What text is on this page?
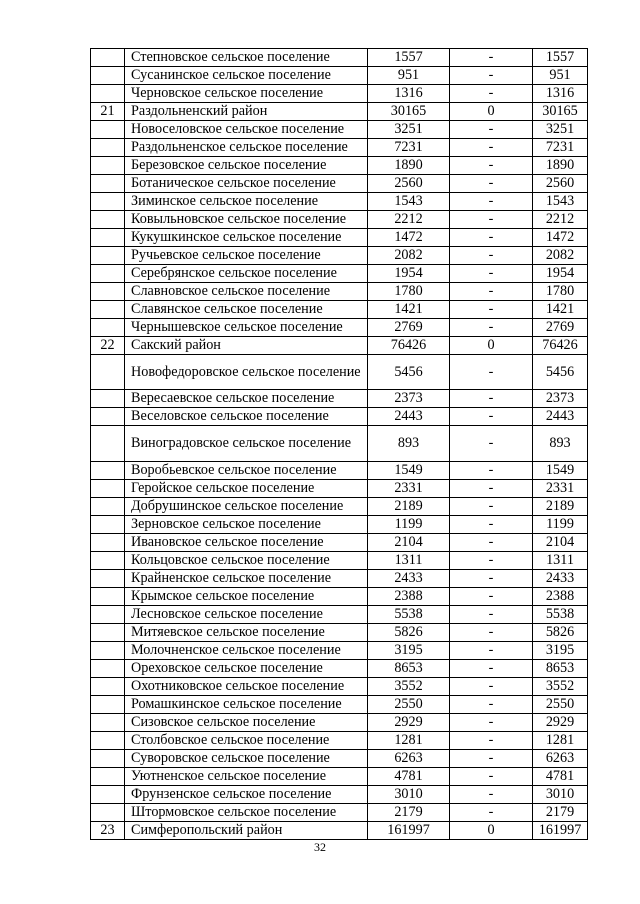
	Степновское сельское поселение	1557	-	1557
	Сусанинское сельское поселение	951	-	951
	Черновское сельское поселение	1316	-	1316
21	Раздольненский район	30165	0	30165
	Новоселовское сельское поселение	3251	-	3251
	Раздольненское сельское поселение	7231	-	7231
	Березовское сельское поселение	1890	-	1890
	Ботаническое сельское поселение	2560	-	2560
	Зиминское сельское поселение	1543	-	1543
	Ковыльновское сельское поселение	2212	-	2212
	Кукушкинское сельское поселение	1472	-	1472
	Ручьевское сельское поселение	2082	-	2082
	Серебрянское сельское поселение	1954	-	1954
	Славновское сельское поселение	1780	-	1780
	Славянское сельское поселение	1421	-	1421
	Чернышевское сельское поселение	2769	-	2769
22	Сакский район	76426	0	76426
	Новофедоровское сельское поселение	5456	-	5456
	Вересаевское сельское поселение	2373	-	2373
	Веселовское сельское поселение	2443	-	2443
	Виноградовское сельское поселение	893	-	893
	Воробьевское сельское поселение	1549	-	1549
	Геройское сельское поселение	2331	-	2331
	Добрушинское сельское поселение	2189	-	2189
	Зерновское сельское поселение	1199	-	1199
	Ивановское сельское поселение	2104	-	2104
	Кольцовское сельское поселение	1311	-	1311
	Крайненское сельское поселение	2433	-	2433
	Крымское сельское поселение	2388	-	2388
	Лесновское сельское поселение	5538	-	5538
	Митяевское сельское поселение	5826	-	5826
	Молочненское сельское поселение	3195	-	3195
	Ореховское сельское поселение	8653	-	8653
	Охотниковское сельское поселение	3552	-	3552
	Ромашкинское сельское поселение	2550	-	2550
	Сизовское сельское поселение	2929	-	2929
	Столбовское сельское поселение	1281	-	1281
	Суворовское сельское поселение	6263	-	6263
	Уютненское сельское поселение	4781	-	4781
	Фрунзенское сельское поселение	3010	-	3010
	Штормовское сельское поселение	2179	-	2179
23	Симферопольский район	161997	0	161997
32
